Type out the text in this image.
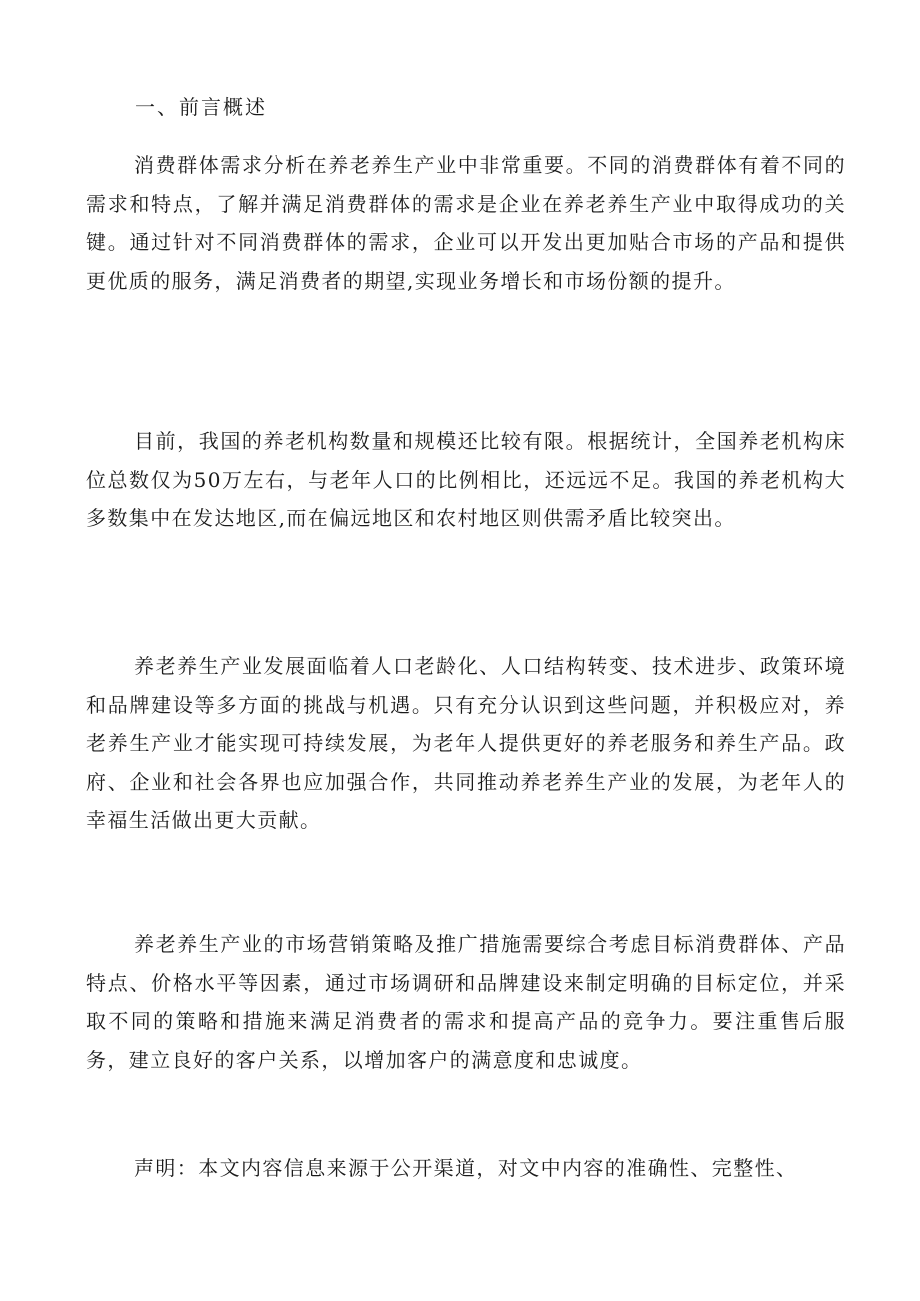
一、前言概述

消费群体需求分析在养老养生产业中非常重要。不同的消费群体有着不同的需求和特点，了解并满足消费群体的需求是企业在养老养生产业中取得成功的关键。通过针对不同消费群体的需求，企业可以开发出更加贴合市场的产品和提供更优质的服务，满足消费者的期望,实现业务增长和市场份额的提升。

目前，我国的养老机构数量和规模还比较有限。根据统计，全国养老机构床位总数仅为50万左右，与老年人口的比例相比，还远远不足。我国的养老机构大多数集中在发达地区,而在偏远地区和农村地区则供需矛盾比较突出。

养老养生产业发展面临着人口老龄化、人口结构转变、技术进步、政策环境和品牌建设等多方面的挑战与机遇。只有充分认识到这些问题，并积极应对，养老养生产业才能实现可持续发展，为老年人提供更好的养老服务和养生产品。政府、企业和社会各界也应加强合作，共同推动养老养生产业的发展，为老年人的幸福生活做出更大贡献。

养老养生产业的市场营销策略及推广措施需要综合考虑目标消费群体、产品特点、价格水平等因素，通过市场调研和品牌建设来制定明确的目标定位，并采取不同的策略和措施来满足消费者的需求和提高产品的竞争力。要注重售后服务，建立良好的客户关系，以增加客户的满意度和忠诚度。

声明：本文内容信息来源于公开渠道，对文中内容的准确性、完整性、
